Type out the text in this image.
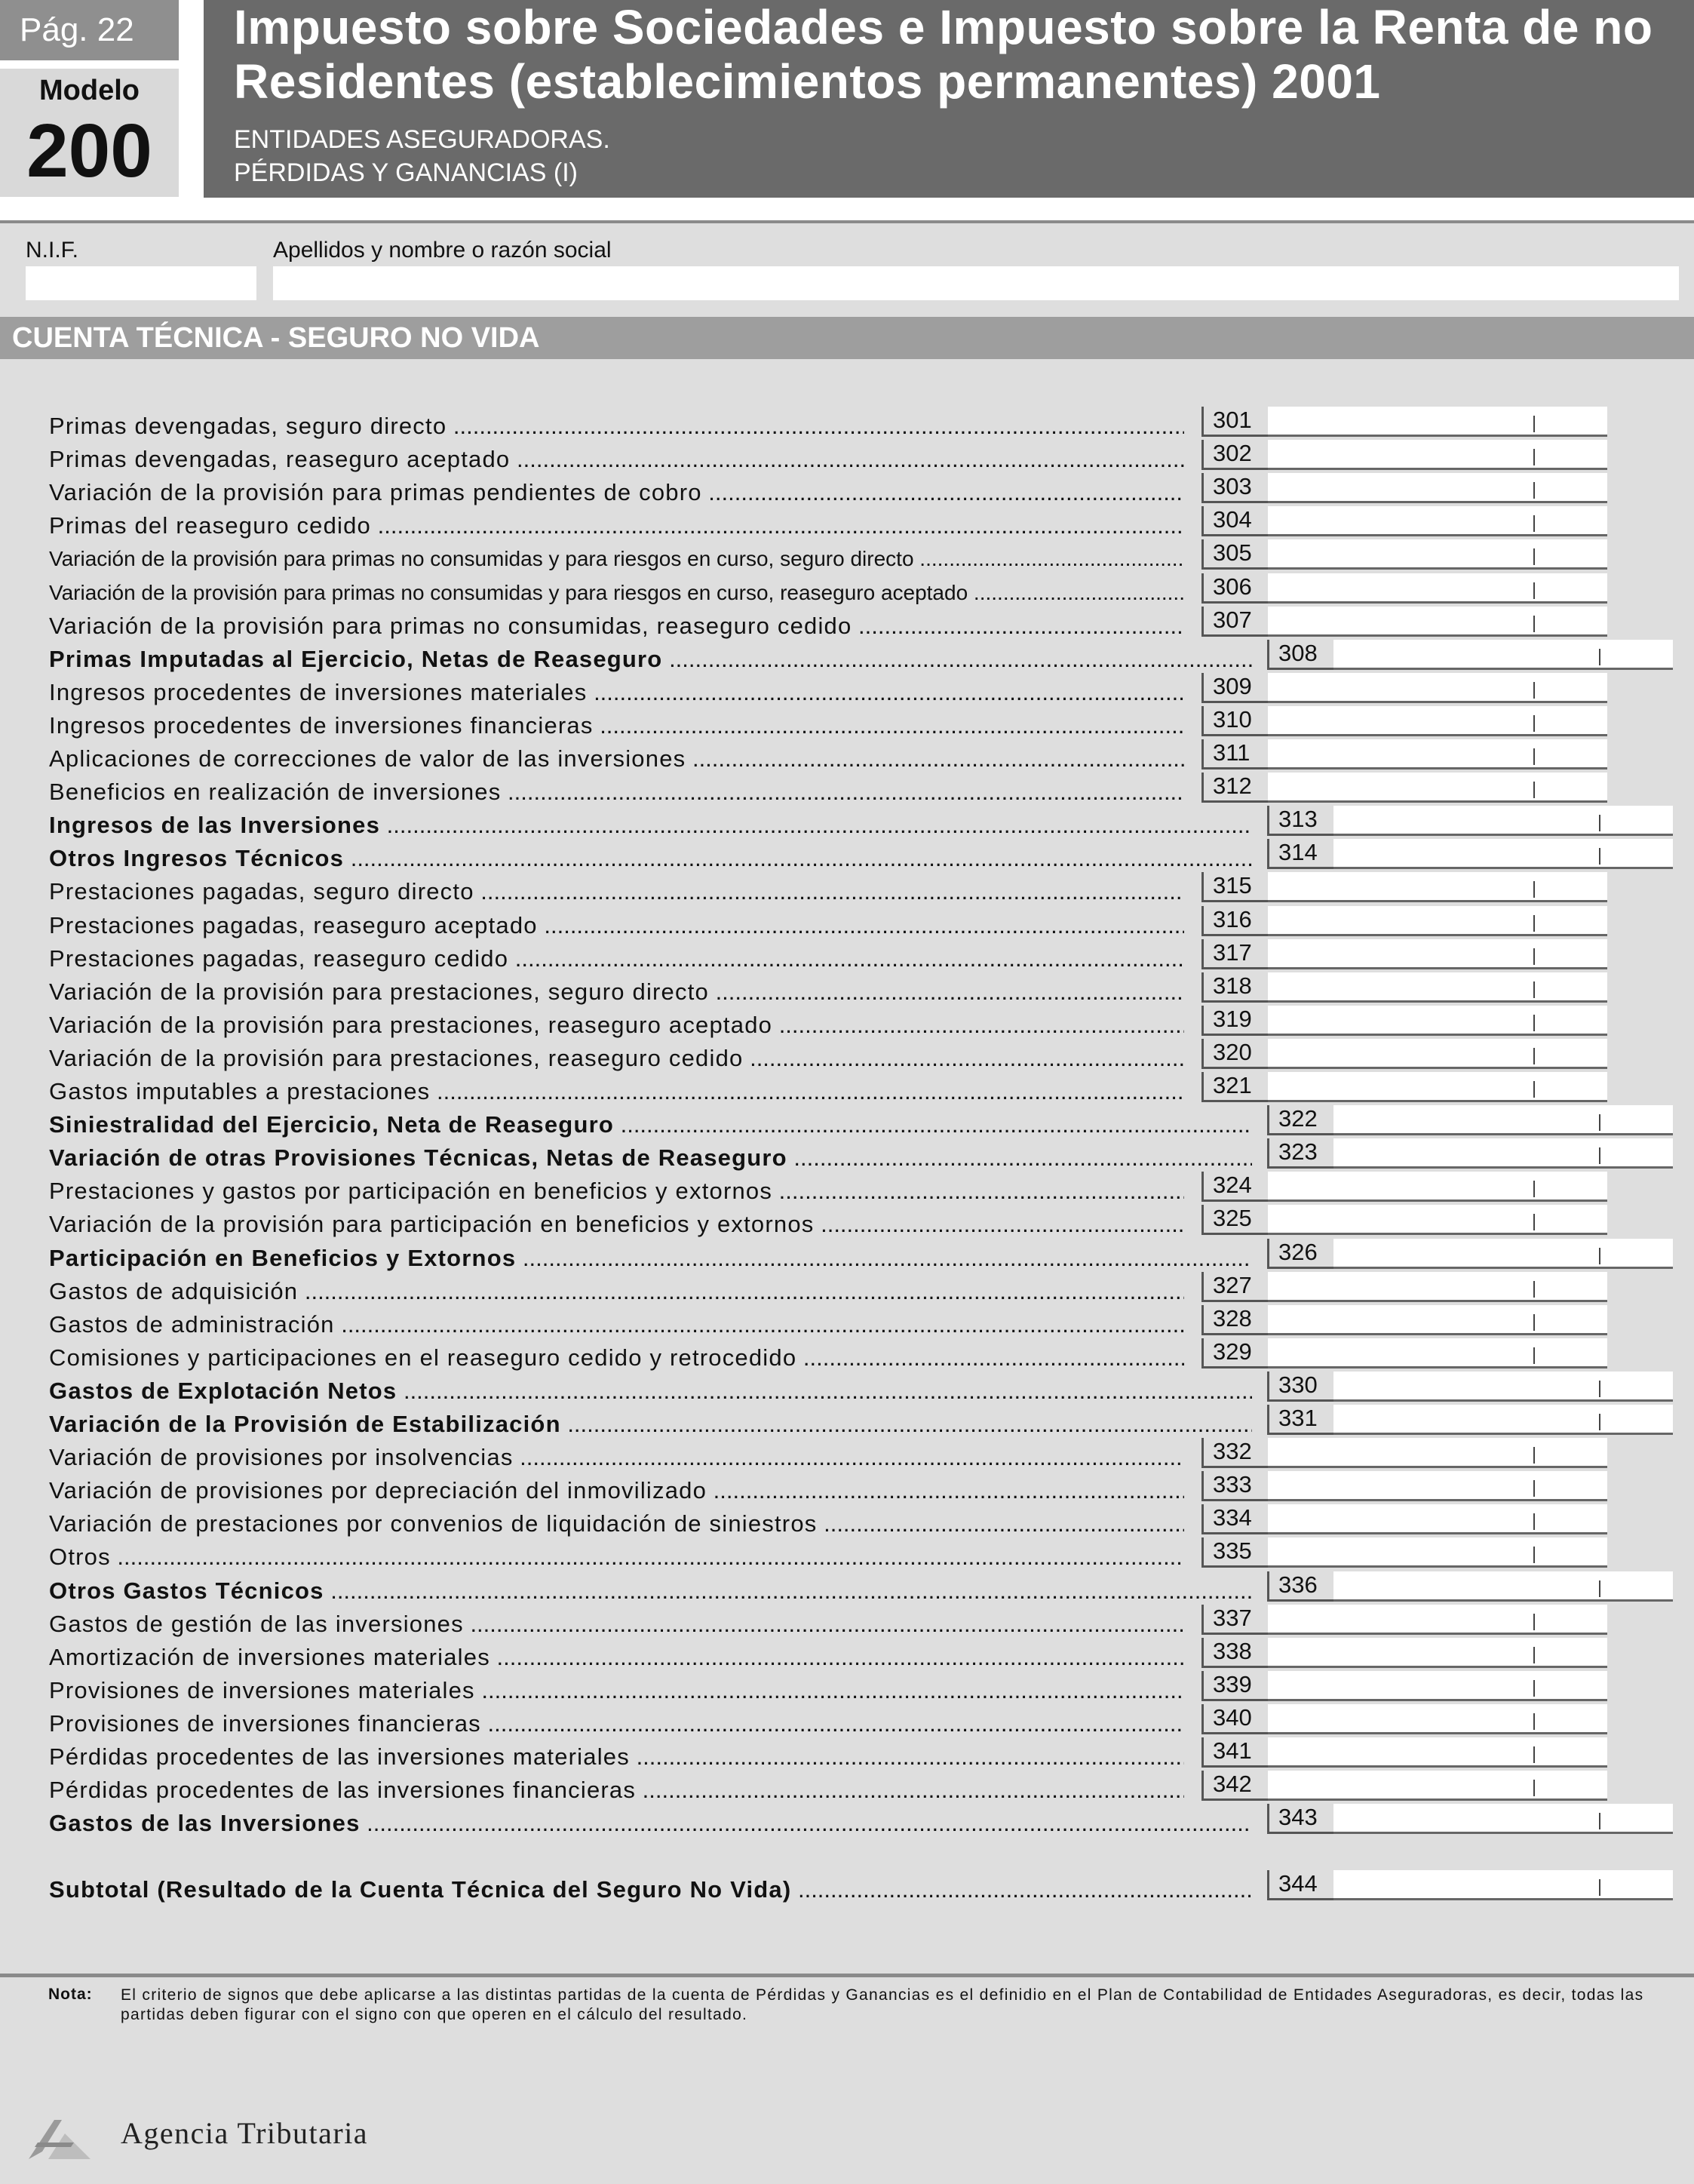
Pág. 22
Modelo
200
Impuesto sobre Sociedades e Impuesto sobre la Renta de no
Residentes (establecimientos permanentes) 2001
ENTIDADES ASEGURADORAS.
PÉRDIDAS Y GANANCIAS (I)
N.I.F.	Apellidos y nombre o razón social
CUENTA TÉCNICA - SEGURO NO VIDA
Primas devengadas, seguro directo .....	301
Primas devengadas, reaseguro aceptado .....	302
Variación de la provisión para primas pendientes de cobro .....	303
Primas del reaseguro cedido .....	304
Variación de la provisión para primas no consumidas y para riesgos en curso, seguro directo .....	305
Variación de la provisión para primas no consumidas y para riesgos en curso, reaseguro aceptado .....	306
Variación de la provisión para primas no consumidas, reaseguro cedido .....	307
Primas Imputadas al Ejercicio, Netas de Reaseguro .....	308
Ingresos procedentes de inversiones materiales .....	309
Ingresos procedentes de inversiones financieras .....	310
Aplicaciones de correcciones de valor de las inversiones .....	311
Beneficios en realización de inversiones .....	312
Ingresos de las Inversiones .....	313
Otros Ingresos Técnicos .....	314
Prestaciones pagadas, seguro directo .....	315
Prestaciones pagadas, reaseguro aceptado .....	316
Prestaciones pagadas, reaseguro cedido .....	317
Variación de la provisión para prestaciones, seguro directo .....	318
Variación de la provisión para prestaciones, reaseguro aceptado .....	319
Variación de la provisión para prestaciones, reaseguro cedido .....	320
Gastos imputables a prestaciones .....	321
Siniestralidad del Ejercicio, Neta de Reaseguro .....	322
Variación de otras Provisiones Técnicas, Netas de Reaseguro .....	323
Prestaciones y gastos por participación en beneficios y extornos .....	324
Variación de la provisión para participación en beneficios y extornos .....	325
Participación en Beneficios y Extornos .....	326
Gastos de adquisición .....	327
Gastos de administración .....	328
Comisiones y participaciones en el reaseguro cedido y retrocedido .....	329
Gastos de Explotación Netos .....	330
Variación de la Provisión de Estabilización .....	331
Variación de provisiones por insolvencias .....	332
Variación de provisiones por depreciación del inmovilizado .....	333
Variación de prestaciones por convenios de liquidación de siniestros .....	334
Otros .....	335
Otros Gastos Técnicos .....	336
Gastos de gestión de las inversiones .....	337
Amortización de inversiones materiales .....	338
Provisiones de inversiones materiales .....	339
Provisiones de inversiones financieras .....	340
Pérdidas procedentes de las inversiones materiales .....	341
Pérdidas procedentes de las inversiones financieras .....	342
Gastos de las Inversiones .....	343
Subtotal (Resultado de la Cuenta Técnica del Seguro No Vida) .....	344
Nota: El criterio de signos que debe aplicarse a las distintas partidas de la cuenta de Pérdidas y Ganancias es el definidio en el Plan de Contabilidad de Entidades Aseguradoras, es decir, todas las partidas deben figurar con el signo con que operen en el cálculo del resultado.
Agencia Tributaria
